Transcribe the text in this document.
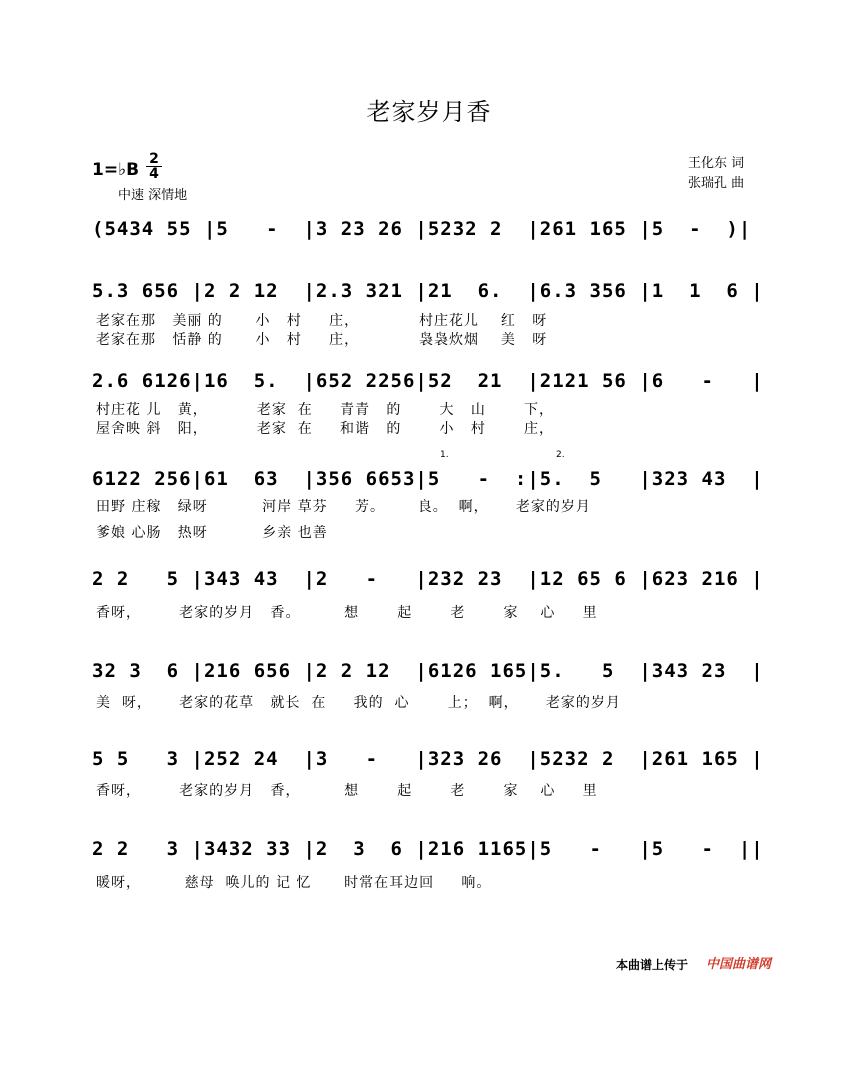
老家岁月香
1=♭B
2
4
中速 深情地
王化东 词
张瑞孔 曲
(5434 55 |5   -  |3 23 26 |5232 2  |261 165 |5  -  )|
5.3 656 |2 2 12  |2.3 321 |21  6.  |6.3 356 |1  1  6 |
老家在那   美丽 的      小   村     庄，           村庄花儿    红   呀
老家在那   恬静 的      小   村     庄，           袅袅炊烟    美   呀
2.6 6126|16  5.  |652 2256|52  21  |2121 56 |6   -   |
村庄花 儿   黄，         老家  在     青青   的       大   山       下，
屋舍映 斜   阳，         老家  在     和谐   的       小   村       庄，
1.	2.
6122 256|61  63  |356 6653|5   -  :|5.  5   |323 43  |
田野 庄稼   绿呀          河岸 草芬     芳。      良。  啊，     老家的岁月
爹娘 心肠   热呀          乡亲 也善
2 2   5 |343 43  |2   -   |232 23  |12 65 6 |623 216 |
香呀，       老家的岁月   香。        想       起       老       家    心     里
32 3  6 |216 656 |2 2 12  |6126 165|5.   5  |343 23  |
美  呀，     老家的花草   就长  在     我的  心       上；  啊，     老家的岁月
5 5   3 |252 24  |3   -   |323 26  |5232 2  |261 165 |
香呀，       老家的岁月   香，        想       起       老       家    心     里
2 2   3 |3432 33 |2  3  6 |216 1165|5   -   |5   -  ||
暖呀，        慈母  唤儿的 记 忆      时常在耳边回     响。
本曲谱上传于 中国曲谱网
